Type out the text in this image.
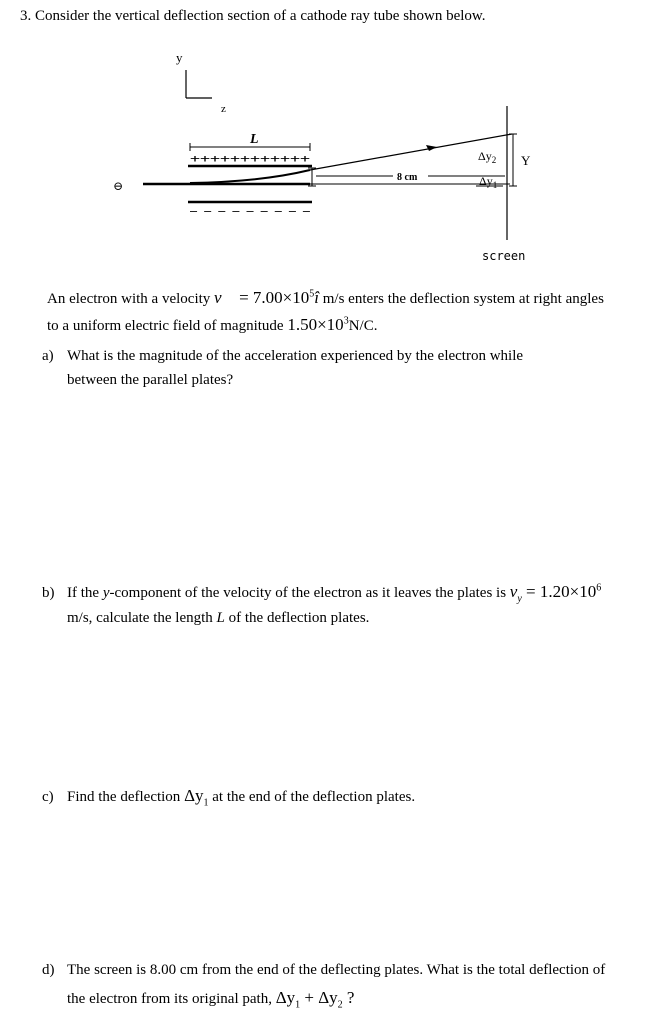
3. Consider the vertical deflection section of a cathode ray tube shown below.
y
z
L
++++++++++++
⊖
– – – – – – – – –
8 cm
screen
$\Delta y_2$
$\Delta y_1$
Y
An electron with a velocity v⃗ = $7.00\times 10^5î$ m/s enters the deflection system at right angles
to a uniform electric field of magnitude $1.50\times 10^3N/C$.
a) What is the magnitude of the acceleration experienced by the electron while
between the parallel plates?
b) If the y-component of the velocity of the electron as it leaves the plates is $v_y = 1.20\times 10^6$
m/s, calculate the length L of the deflection plates.
c) Find the deflection $\Delta y_1$ at the end of the deflection plates.
d) The screen is 8.00 cm from the end of the deflecting plates. What is the total deflection of
the electron from its original path, $\Delta y_1 + \Delta y_2$ ?
